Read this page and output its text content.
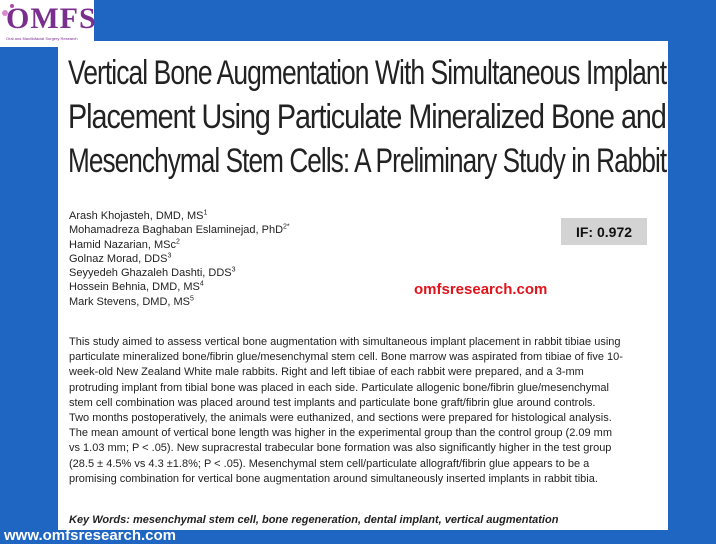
OMFS
Oral and Maxillofacial Surgery Research
Vertical Bone Augmentation With Simultaneous Implant
Placement Using Particulate Mineralized Bone and
Mesenchymal Stem Cells: A Preliminary Study in Rabbit
Arash Khojasteh, DMD, $MS^1$
Mohamadreza Baghaban Eslaminejad, PhD$^{2*}$
Hamid Nazarian, MSc$^2$
Golnaz Morad, DDS$^3$
Seyyedeh Ghazaleh Dashti, DDS$^3$
Hossein Behnia, DMD, $MS^4$
Mark Stevens, DMD, $MS^5$
IF: 0.972
omfsresearch.com
This study aimed to assess vertical bone augmentation with simultaneous implant placement in rabbit tibiae using
particulate mineralized bone/fibrin glue/mesenchymal stem cell. Bone marrow was aspirated from tibiae of five 10-
week-old New Zealand White male rabbits. Right and left tibiae of each rabbit were prepared, and a 3-mm
protruding implant from tibial bone was placed in each side. Particulate allogenic bone/fibrin glue/mesenchymal
stem cell combination was placed around test implants and particulate bone graft/fibrin glue around controls.
Two months postoperatively, the animals were euthanized, and sections were prepared for histological analysis.
The mean amount of vertical bone length was higher in the experimental group than the control group (2.09 mm
vs 1.03 mm; P < .05). New supracrestal trabecular bone formation was also significantly higher in the test group
(28.5 ± 4.5% vs 4.3 ±1.8%; P < .05). Mesenchymal stem cell/particulate allograft/fibrin glue appears to be a
promising combination for vertical bone augmentation around simultaneously inserted implants in rabbit tibia.
Key Words: mesenchymal stem cell, bone regeneration, dental implant, vertical augmentation
www.omfsresearch.com
